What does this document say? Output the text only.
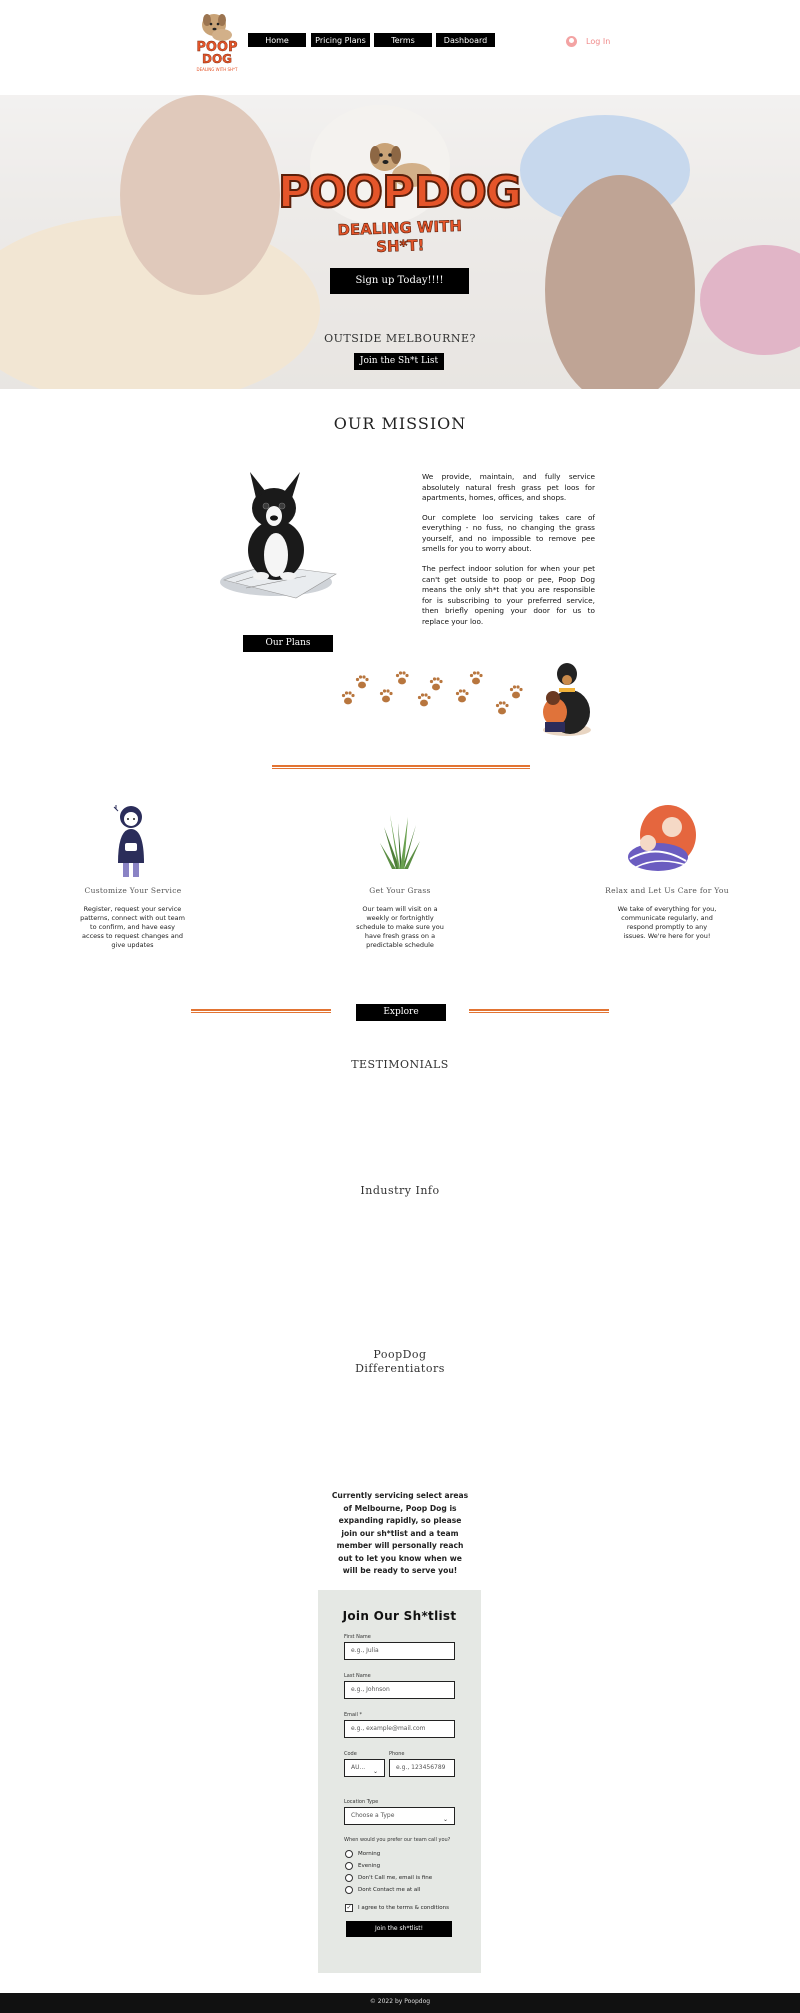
POOP
DOG
DEALING WITH SH*T
Home	Pricing Plans	Terms	Dashboard	Log In
POOP DOG
DEALING WITH SH*T!
Sign up Today!!!!
OUTSIDE MELBOURNE?
Join the Sh*t List
OUR MISSION

We provide, maintain, and fully service absolutely natural fresh grass pet loos for apartments, homes, offices, and shops.

Our complete loo servicing takes care of everything - no fuss, no changing the grass yourself, and no impossible to remove pee smells for you to worry about.

The perfect indoor solution for when your pet can't get outside to poop or pee, Poop Dog means the only sh*t that you are responsible for is subscribing to your preferred service, then briefly opening your door for us to replace your loo.

Our Plans
Customize Your Service
Register, request your service patterns, connect with out team to confirm, and have easy access to request changes and give updates
Get Your Grass
Our team will visit on a weekly or fortnightly schedule to make sure you have fresh grass on a predictable schedule
Relax and Let Us Care for You
We take of everything for you, communicate regularly, and respond promptly to any issues. We're here for you!
Explore
TESTIMONIALS
Industry Info
PoopDog Differentiators
Currently servicing select areas of Melbourne, Poop Dog is expanding rapidly, so please join our sh*tlist and a team member will personally reach out to let you know when we will be ready to serve you!
Join Our Sh*tlist
First Name
e.g., Julia
Last Name
e.g., Johnson
Email *
e.g., example@mail.com
Code
AU...
⌄
Phone
e.g., 123456789
Location Type
Choose a Type
⌄
When would you prefer our team call you?
Morning
Evening
Don't Call me, email is fine
Dont Contact me at all
✓ I agree to the terms & conditions
Join the sh*tlist!
© 2022 by Poopdog
